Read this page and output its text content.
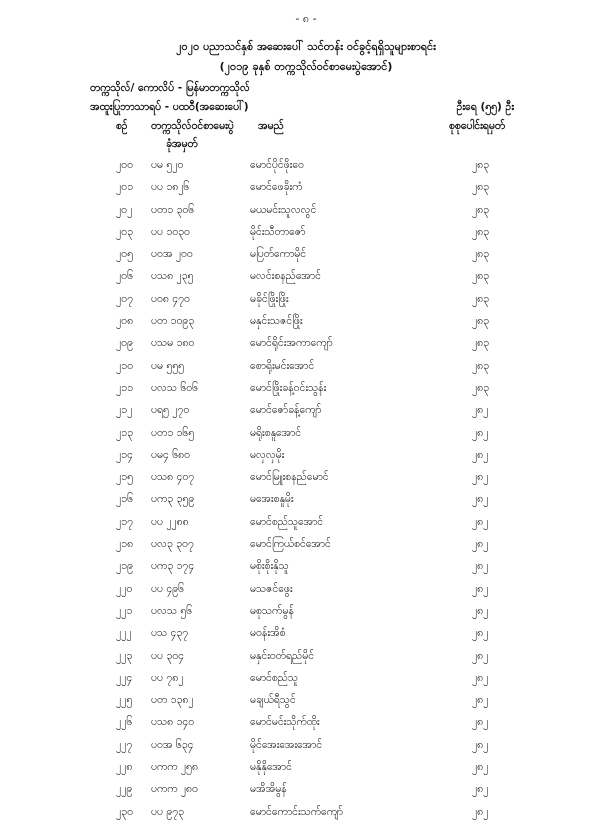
- ၈ -
၂၀၂၀ ပညာသင်နှစ် အဆေးပေါ် သင်တန်း ဝင်ခွင့်ရရှိသူများစာရင်း
(၂၀၁၉ ခုနှစ် တက္ကသိုလ်ဝင်စာမေးပွဲအောင်)
တက္ကသိုလ်/ ကောလိပ် - မြန်မာတက္ကသိုလ်
အထူးပြုဘာသာရပ် - ပထဝီ(အဆေးပေါ်)	ဦးရေ (၅၅) ဦး
စဉ် တက္ကသိုလ်ဝင်စာမေးပွဲ
ခုံအမှတ်
အမည်	စုစုပေါင်းရမှတ်
၂၀၀ ပမ ၅၂၀	မောင်ပိုင်ဖိုးဝေ	၂၈၃
၂၀၁ ပပ ၁၈၂၆	မောင်ဖေခိုးကံ	၂၈၃
၂၀၂ ပတ၁ ၃၀၆	မယမင်းသူလလွင်	၂၈၃
၂၀၃ ပပ ၁၀၃၀	မိုင်းသီတာဇော်	၂၈၃
၂၀၅ ပဝအ ၂၀၀	မပြတ်ကောမိုင်	၂၈၃
၂၀၆ ပသ၈ ၂၃၅	မလင်းစနည်အောင်	၂၈၃
၂၀၇ ပဝ၈ ၄၇၀	မခိုင်ဖြိုးဖြိုး	၂၈၃
၂၀၈ ပတ ၁၀၉၃	မနှင်းသဇင်ဖြိုး	၂၈၃
၂၀၉ ပသမ ၁၈၀	မောင်ရိုင်းအကာကျော်	၂၈၃
၂၁၀ ပမ ၅၅၅	စောရိုးမင်းအောင်	၂၈၃
၂၁၁ ပလသ ၆၀၆	မောင်ဖြိုးခန့်ဝင်းသွန်း	၂၈၃
၂၁၂ ပရ၅ ၂၇၀	မောင်ဇော်ခန့်ကျော်	၂၈၂
၂၁၃ ပတ၁ ၁၆၅	မရိုးစနူအောင်	၂၈၂
၂၁၄ ပမ၄ ၆၈၀	မလှလှမိုး	၂၈၂
၂၁၅ ပသ၈ ၄၀၇	မောင်မြူးစနည်မောင်	၂၈၂
၂၁၆ ပက၃ ၃၅၉	မအေးစနူမိုး	၂၈၂
၂၁၇ ပပ ၂၂၈၈	မောင်စည်သူအောင်	၂၈၂
၂၁၈ ပလ၃ ၃၀၇	မောင်ကြယ်စင်အောင်	၂၈၂
၂၁၉ ပက၃ ၁၇၄	မစိုးစိုးနိုသူ	၂၈၂
၂၂၀ ပပ ၄၉၆	မသဇင်ဖွေး	၂၈၂
၂၂၁ ပလသ ၅၆	မစုသက်မွန်	၂၈၂
၂၂၂ ပသ ၄၃၇	မဝန်းအိစံ	၂၈၂
၂၂၃ ပပ ၃၀၄	မနှင်းဝတ်ရည်မိုင်	၂၈၂
၂၂၄ ပပ ၇၈၂	မောင်စည်သူ	၂၈၂
၂၂၅ ပတ ၁၃၈၂	မချယ်ရီသွင်	၂၈၂
၂၂၆ ပသ၈ ၁၄၀	မောင်မင်းသိုက်ထိုး	၂၈၂
၂၂၇ ပဝအ ၆၃၄	မိုင်အေးအေးအောင်	၂၈၂
၂၂၈ ပကက ၂၅၈	မနိုနိုအောင်	၂၈၂
၂၂၉ ပကက ၂၈၀	မအိအိမွန်	၂၈၂
၂၃၀ ပပ ၉၇၃	မောင်ကောင်းသက်ကျော်	၂၈၂
